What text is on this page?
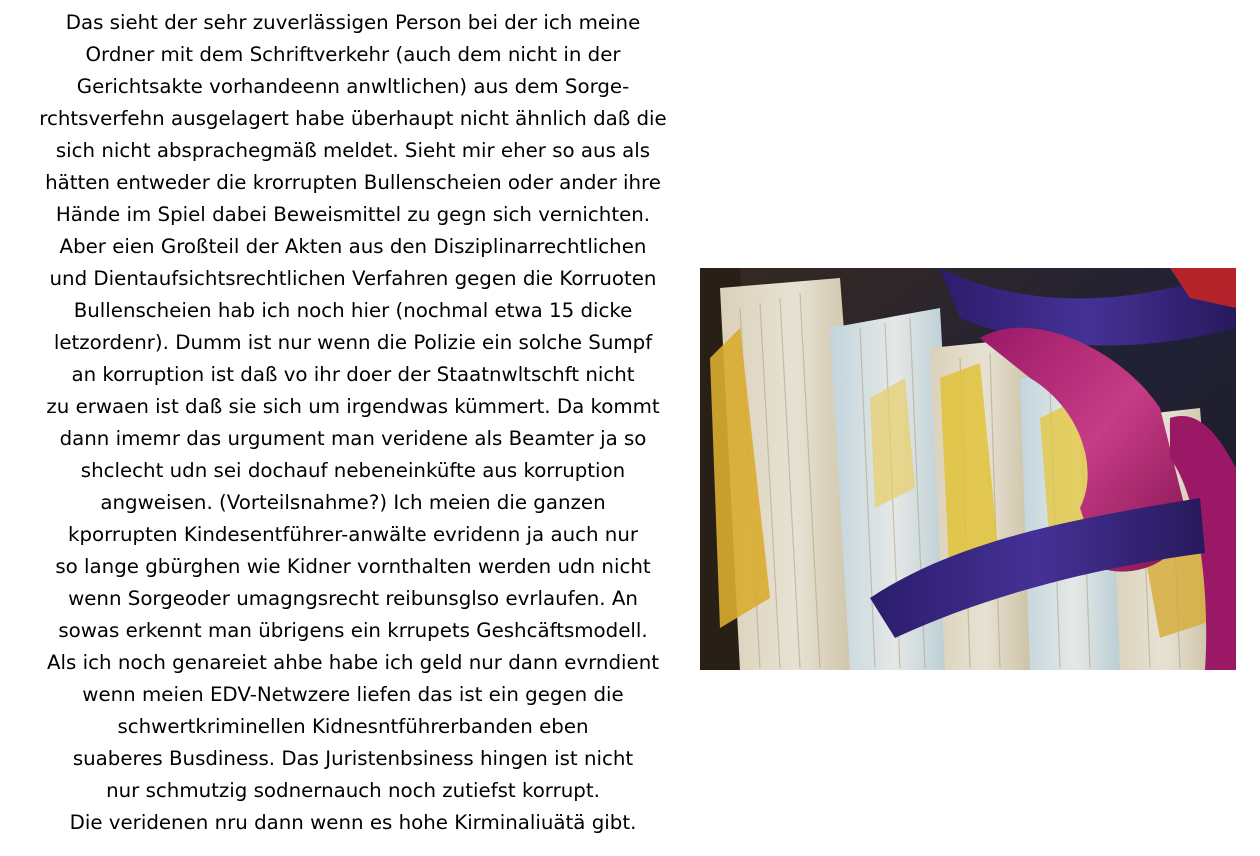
Das sieht der sehr zuverlässigen Person bei der ich meine
Ordner mit dem Schriftverkehr (auch dem nicht in der
Gerichtsakte vorhandeenn anwltlichen) aus dem Sorge-
rchtsverfehn ausgelagert habe überhaupt nicht ähnlich daß die
sich nicht absprachegmäß meldet. Sieht mir eher so aus als
hätten entweder die krorrupten Bullenscheien oder ander ihre
Hände im Spiel dabei Beweismittel zu gegn sich vernichten.
Aber eien Großteil der Akten aus den Disziplinarrechtlichen
und Dientaufsichtsrechtlichen Verfahren gegen die Korruoten
Bullenscheien hab ich noch hier (nochmal etwa 15 dicke
letzordenr). Dumm ist nur wenn die Polizie ein solche Sumpf
an korruption ist daß vo ihr doer der Staatnwltschft nicht
zu erwaen ist daß sie sich um irgendwas kümmert. Da kommt
dann imemr das urgument man veridene als Beamter ja so
shclecht udn sei dochauf nebeneinküfte aus korruption
angweisen. (Vorteilsnahme?) Ich meien die ganzen
kporrupten Kindesentführer-anwälte evridenn ja auch nur
so lange gbürghen wie Kidner vornthalten werden udn nicht
wenn Sorgeoder umagngsrecht reibunsglso evrlaufen. An
sowas erkennt man übrigens ein krrupets Geshcäftsmodell.
Als ich noch genareiet ahbe habe ich geld nur dann evrndient
wenn meien EDV-Netwzere liefen das ist ein gegen die
schwertkriminellen Kidnesntführerbanden eben
suaberes Busdiness. Das Juristenbsiness hingen ist nicht
nur schmutzig sodnernauch noch zutiefst korrupt.
Die veridenen nru dann wenn es hohe Kirminaliuätä gibt.
